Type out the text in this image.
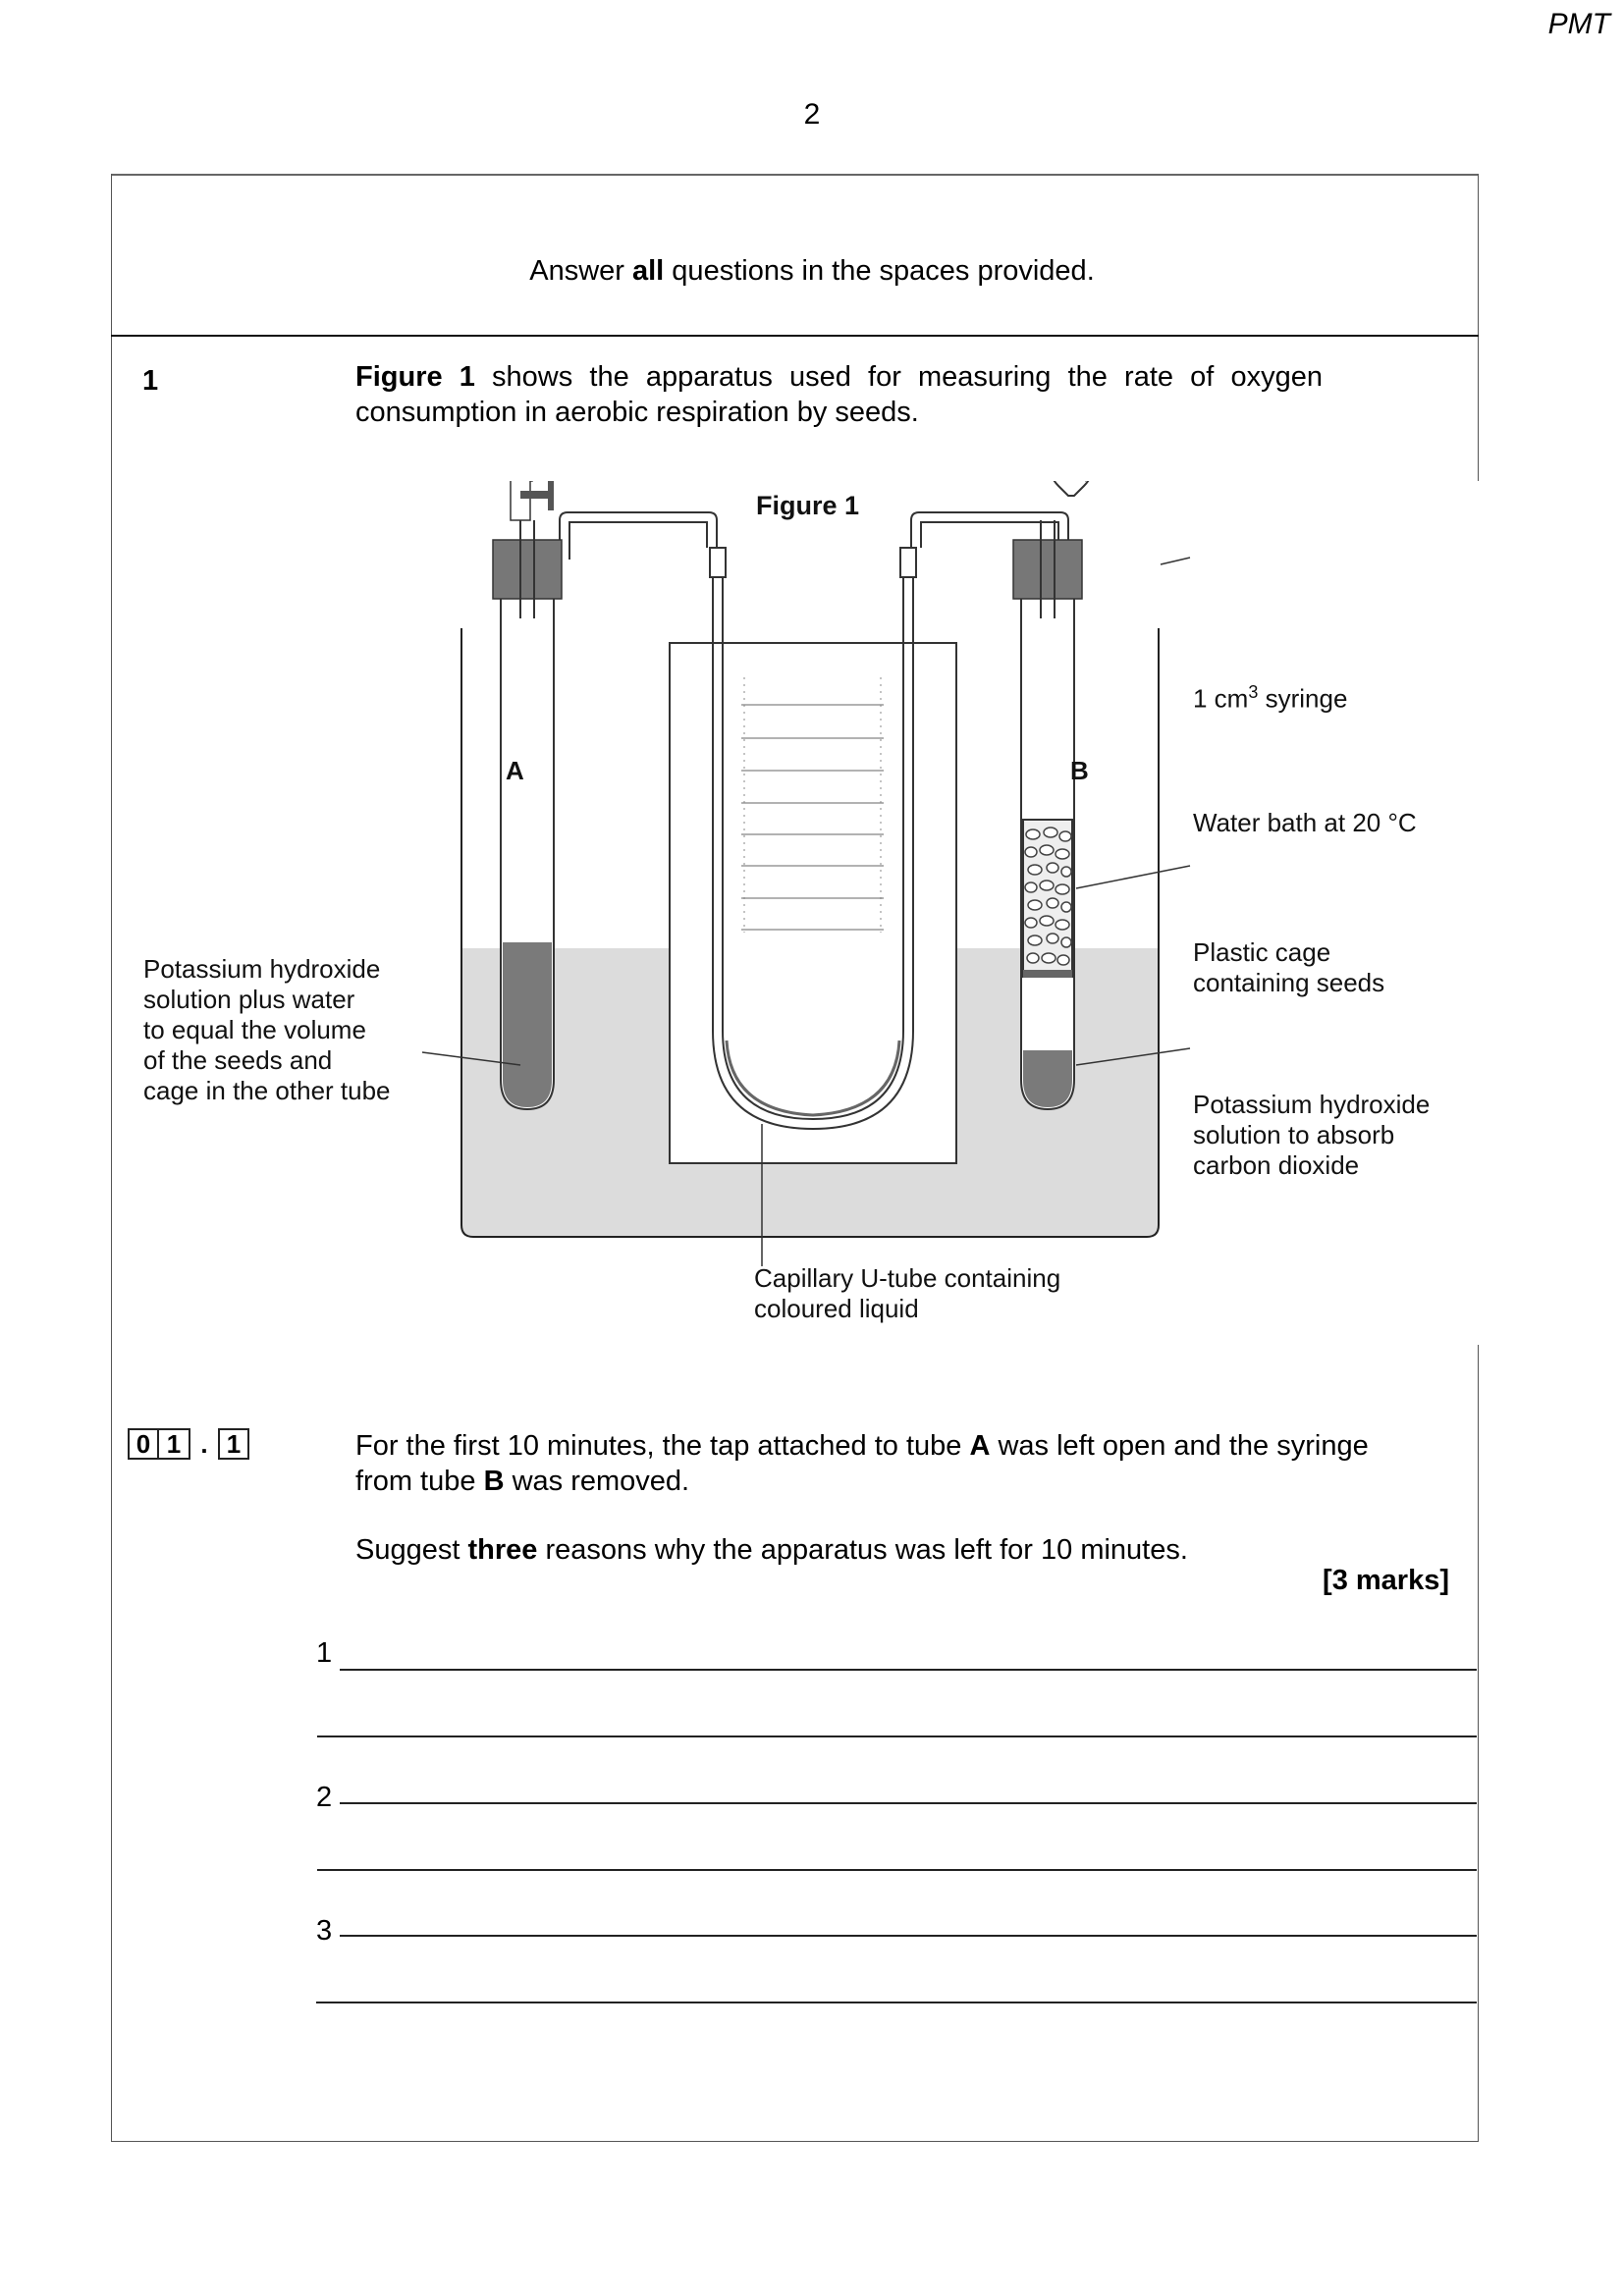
PMT
2
Answer all questions in the spaces provided.
1	Figure 1 shows the apparatus used for measuring the rate of oxygen consumption in aerobic respiration by seeds.
Figure 1
A	B
1 $cm^3$ syringe
Water bath at 20 °C
Plastic cage
containing seeds
Potassium hydroxide
solution to absorb
carbon dioxide
Potassium hydroxide
solution plus water
to equal the volume
of the seeds and
cage in the other tube
Capillary U-tube containing
coloured liquid
0 1 . 1	For the first 10 minutes, the tap attached to tube A was left open and the syringe from tube B was removed.

Suggest three reasons why the apparatus was left for 10 minutes.

[3 marks]
1
2
3
